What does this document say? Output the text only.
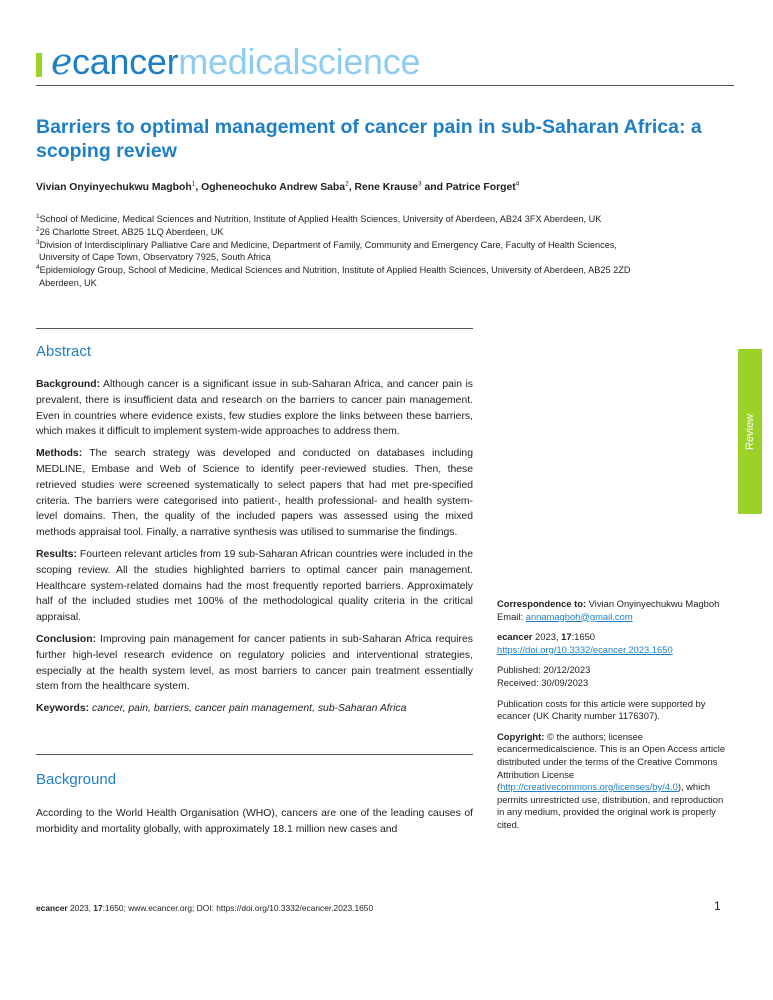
ecancermedicalscience
Barriers to optimal management of cancer pain in sub-Saharan Africa: a scoping review
Vivian Onyinyechukwu Magboh$^1$, Ogheneochuko Andrew Saba$^2$, Rene Krause$^3$ and Patrice Forget$^4$
$^1$School of Medicine, Medical Sciences and Nutrition, Institute of Applied Health Sciences, University of Aberdeen, AB24 3FX Aberdeen, UK
$^2$26 Charlotte Street, AB25 1LQ Aberdeen, UK
$^3$Division of Interdisciplinary Palliative Care and Medicine, Department of Family, Community and Emergency Care, Faculty of Health Sciences,
University of Cape Town, Observatory 7925, South Africa
$^4$Epidemiology Group, School of Medicine, Medical Sciences and Nutrition, Institute of Applied Health Sciences, University of Aberdeen, AB25 2ZD
Aberdeen, UK
Abstract

Background: Although cancer is a significant issue in sub-Saharan Africa, and cancer pain is prevalent, there is insufficient data and research on the barriers to cancer pain management. Even in countries where evidence exists, few studies explore the links between these barriers, which makes it difficult to implement system-wide approaches to address them.

Methods: The search strategy was developed and conducted on databases including MEDLINE, Embase and Web of Science to identify peer-reviewed studies. Then, these retrieved studies were screened systematically to select papers that had met pre-specified criteria. The barriers were categorised into patient-, health professional- and health system-level domains. Then, the quality of the included papers was assessed using the mixed methods appraisal tool. Finally, a narrative synthesis was utilised to summarise the findings.

Results: Fourteen relevant articles from 19 sub-Saharan African countries were included in the scoping review. All the studies highlighted barriers to optimal cancer pain management. Healthcare system-related domains had the most frequently reported barriers. Approximately half of the included studies met 100% of the methodological quality criteria in the critical appraisal.

Conclusion: Improving pain management for cancer patients in sub-Saharan Africa requires further high-level research evidence on regulatory policies and interventional strategies, especially at the health system level, as most barriers to cancer pain treatment essentially stem from the healthcare system.

Keywords: cancer, pain, barriers, cancer pain management, sub-Saharan Africa

Background

According to the World Health Organisation (WHO), cancers are one of the leading causes of morbidity and mortality globally, with approximately 18.1 million new cases and

Review

Correspondence to: Vivian Onyinyechukwu Magboh
Email: annamagboh@gmail.com

ecancer 2023, 17:1650
https://doi.org/10.3332/ecancer.2023.1650

Published: 20/12/2023
Received: 30/09/2023

Publication costs for this article were supported by ecancer (UK Charity number 1176307).

Copyright: © the authors; licensee ecancermedicalscience. This is an Open Access article distributed under the terms of the Creative Commons Attribution License (http://creativecommons.org/licenses/by/4.0), which permits unrestricted use, distribution, and reproduction in any medium, provided the original work is properly cited.

ecancer 2023, 17:1650; www.ecancer.org; DOI: https://doi.org/10.3332/ecancer.2023.1650	1
